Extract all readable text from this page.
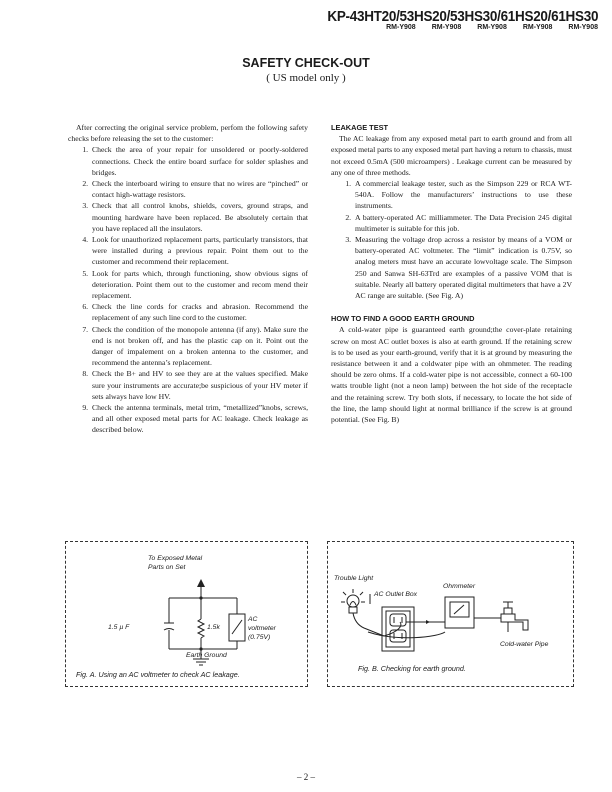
KP-43HT20/53HS20/53HS30/61HS20/61HS30
RM-Y908 RM-Y908 RM-Y908 RM-Y908 RM-Y908
SAFETY CHECK-OUT
( US model only )

After correcting the original service problem, perfom the following safety checks before releasing the set to the customer:

1. Check the area of your repair for unsoldered or poorly-soldered connections. Check the entire board surface for solder splashes and bridges.
2. Check the interboard wiring to ensure that no wires are “pinched” or contact high-wattage resistors.
3. Check that all control knobs, shields, covers, ground straps, and mounting hardware have been replaced. Be absolutely certain that you have replaced all the insulators.
4. Look for unauthorized replacement parts, particularly transistors, that were installed during a previous repair. Point them out to the customer and recommend their replacement.
5. Look for parts which, through functioning, show obvious signs of deterioration. Point them out to the customer and recom mend their replacement.
6. Check the line cords for cracks and abrasion. Recommend the replacement of any such line cord to the customer.
7. Check the condition of the monopole antenna (if any). Make sure the end is not broken off, and has the plastic cap on it. Point out the danger of impalement on a broken antenna to the customer, and recommend the antenna’s replacement.
8. Check the B+ and HV to see they are at the values specified. Make sure your instruments are accurate;be suspicious of your HV meter if sets always have low HV.
9. Check the antenna terminals, metal trim, “metallized”knobs, screws, and all other exposed metal parts for AC leakage. Check leakage as described below.

LEAKAGE TEST

The AC leakage from any exposed metal part to earth ground and from all exposed metal parts to any exposed metal part having a return to chassis, must not exceed 0.5mA (500 microampers) . Leakage current can be measured by any one of three methods.

1. A commercial leakage tester, such as the Simpson 229 or RCA WT-540A. Follow the manufacturers’ instructions to use these instruments.
2. A battery-operated AC milliammeter. The Data Precision 245 digital multimeter is suitable for this job.
3. Measuring the voltage drop across a resistor by means of a VOM or battery-operated AC voltmeter. The “limit” indication is 0.75V, so analog meters must have an accurate lowvoltage scale. The Simpson 250 and Sanwa SH-63Trd are examples of a passive VOM that is suitable. Nearly all battery operated digital multimeters that have a 2V AC range are suitable. (See Fig. A)

HOW TO FIND A GOOD EARTH GROUND

A cold-water pipe is guaranteed earth ground;the cover-plate retaining screw on most AC outlet boxes is also at earth ground. If the retaining screw is to be used as your earth-ground, verify that it is at ground by measuring the resistance between it and a coldwater pipe with an ohmmeter. The reading should be zero ohms. If a cold-water pipe is not accessible, connect a 60-100 watts trouble light (not a neon lamp) between the hot side of the receptacle and the retaining screw. Try both slots, if necessary, to locate the hot side of the line, the lamp should light at normal brilliance if the screw is at ground potential. (See Fig. B)

To Exposed Metal
Parts on Set
1.5 µ F	1.5k
AC
voltmeter
(0.75V)
Earth Ground
Fig. A. Using an AC voltmeter to check AC leakage.
Trouble Light
AC Outlet Box
Ohmmeter
Cold-water Pipe
Fig. B. Checking for earth ground.
– 2 –
